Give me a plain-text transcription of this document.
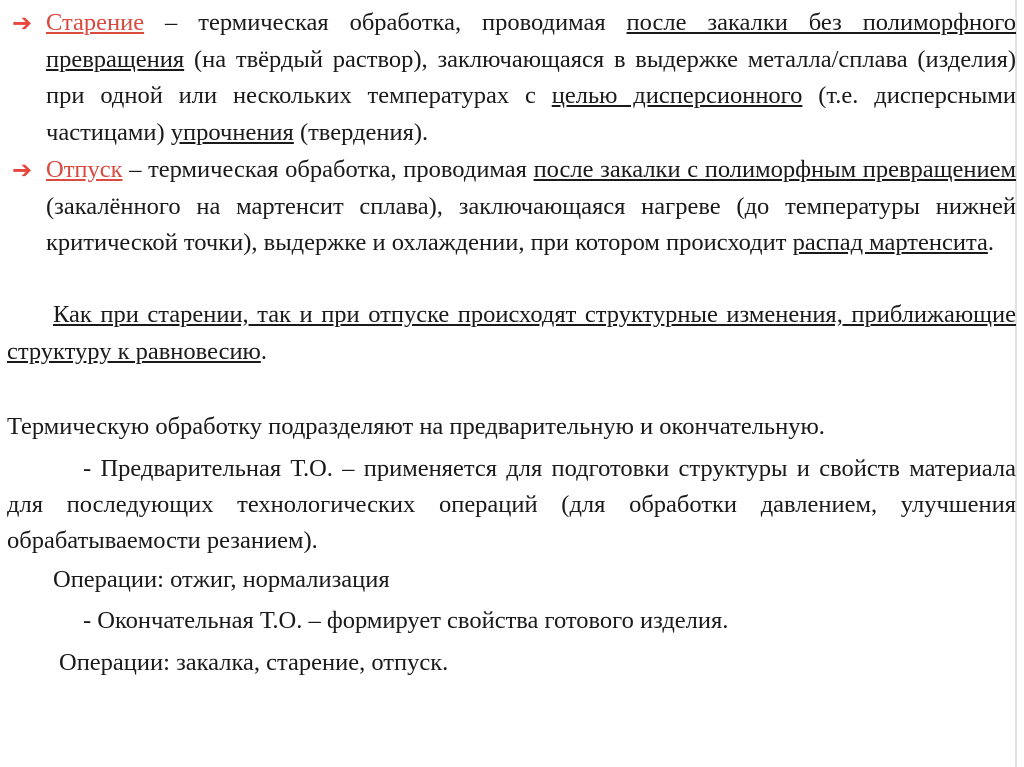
➔ Старение – термическая обработка, проводимая после закалки без полиморфного превращения (на твёрдый раствор), заключающаяся в выдержке металла/сплава (изделия) при одной или нескольких температурах с целью дисперсионного (т.е. дисперсными частицами) упрочнения (твердения).
➔ Отпуск – термическая обработка, проводимая после закалки с полиморфным превращением (закалённого на мартенсит сплава), заключающаяся нагреве (до температуры нижней критической точки), выдержке и охлаждении, при котором происходит распад мартенсита.
Как при старении, так и при отпуске происходят структурные изменения, приближающие структуру к равновесию.
Термическую обработку подразделяют на предварительную и окончательную.
- Предварительная Т.О. – применяется для подготовки структуры и свойств материала для последующих технологических операций (для обработки давлением, улучшения обрабатываемости резанием).
Операции: отжиг, нормализация
- Окончательная Т.О. – формирует свойства готового изделия.
Операции: закалка, старение, отпуск.
